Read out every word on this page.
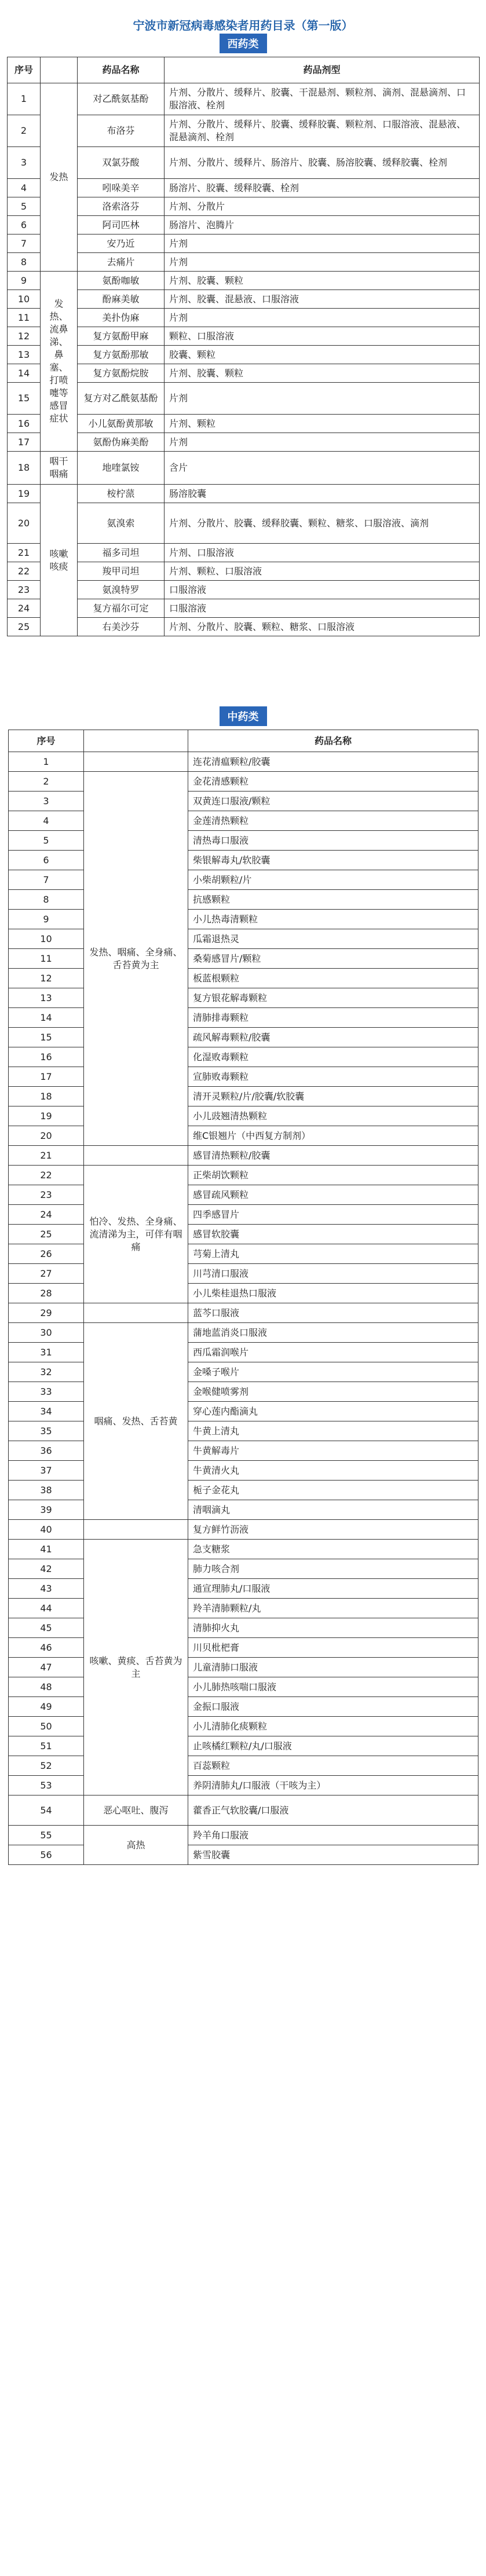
宁波市新冠病毒感染者用药目录（第一版）
西药类
序号		药品名称	药品剂型
1	发热	对乙酰氨基酚	片剂、分散片、缓释片、胶囊、干混悬剂、颗粒剂、滴剂、混悬滴剂、口服溶液、栓剂
2		布洛芬	片剂、分散片、缓释片、胶囊、缓释胶囊、颗粒剂、口服溶液、混悬液、混悬滴剂、栓剂
3		双氯芬酸	片剂、分散片、缓释片、肠溶片、胶囊、肠溶胶囊、缓释胶囊、栓剂
4		吲哚美辛	肠溶片、胶囊、缓释胶囊、栓剂
5		洛索洛芬	片剂、分散片
6		阿司匹林	肠溶片、泡腾片
7		安乃近	片剂
8		去痛片	片剂
9	发热、流鼻涕、鼻塞、打喷嚏等感冒症状	氨酚咖敏	片剂、胶囊、颗粒
10		酚麻美敏	片剂、胶囊、混悬液、口服溶液
11		美扑伪麻	片剂
12		复方氨酚甲麻	颗粒、口服溶液
13		复方氨酚那敏	胶囊、颗粒
14		复方氨酚烷胺	片剂、胶囊、颗粒
15		复方对乙酰氨基酚	片剂
16		小儿氨酚黄那敏	片剂、颗粒
17		氨酚伪麻美酚	片剂
18	咽干咽痛	地喹氯铵	含片
19	咳嗽咳痰	桉柠蒎	肠溶胶囊
20		氨溴索	片剂、分散片、胶囊、缓释胶囊、颗粒、糖浆、口服溶液、滴剂
21		福多司坦	片剂、口服溶液
22		羧甲司坦	片剂、颗粒、口服溶液
23		氨溴特罗	口服溶液
24		复方福尔可定	口服溶液
25		右美沙芬	片剂、分散片、胶囊、颗粒、糖浆、口服溶液
中药类
序号		药品名称
1		连花清瘟颗粒/胶囊
2	发热、咽痛、全身痛、舌苔黄为主	金花清感颗粒
3		双黄连口服液/颗粒
4		金莲清热颗粒
5		清热毒口服液
6		柴银解毒丸/软胶囊
7		小柴胡颗粒/片
8		抗感颗粒
9		小儿热毒清颗粒
10		瓜霜退热灵
11		桑菊感冒片/颗粒
12		板蓝根颗粒
13		复方银花解毒颗粒
14		清肺排毒颗粒
15		疏风解毒颗粒/胶囊
16		化湿败毒颗粒
17		宣肺败毒颗粒
18		清开灵颗粒/片/胶囊/软胶囊
19		小儿豉翘清热颗粒
20		维C银翘片（中西复方制剂）
21		感冒清热颗粒/胶囊
22	怕冷、发热、全身痛、流清涕为主，可伴有咽痛	正柴胡饮颗粒
23		感冒疏风颗粒
24		四季感冒片
25		感冒软胶囊
26		芎菊上清丸
27		川芎清口服液
28		小儿柴桂退热口服液
29		蓝芩口服液
30	咽痛、发热、舌苔黄	蒲地蓝消炎口服液
31		西瓜霜润喉片
32		金嗓子喉片
33		金喉健喷雾剂
34		穿心莲内酯滴丸
35		牛黄上清丸
36		牛黄解毒片
37		牛黄清火丸
38		栀子金花丸
39		清咽滴丸
40		复方鲜竹沥液
41	咳嗽、黄痰、舌苔黄为主	急支糖浆
42		肺力咳合剂
43		通宣理肺丸/口服液
44		羚羊清肺颗粒/丸
45		清肺抑火丸
46		川贝枇杷膏
47		儿童清肺口服液
48		小儿肺热咳喘口服液
49		金振口服液
50		小儿清肺化痰颗粒
51		止咳橘红颗粒/丸/口服液
52		百蕊颗粒
53		养阴清肺丸/口服液（干咳为主）
54	恶心呕吐、腹泻	藿香正气软胶囊/口服液
55	高热	羚羊角口服液
56		紫雪胶囊
